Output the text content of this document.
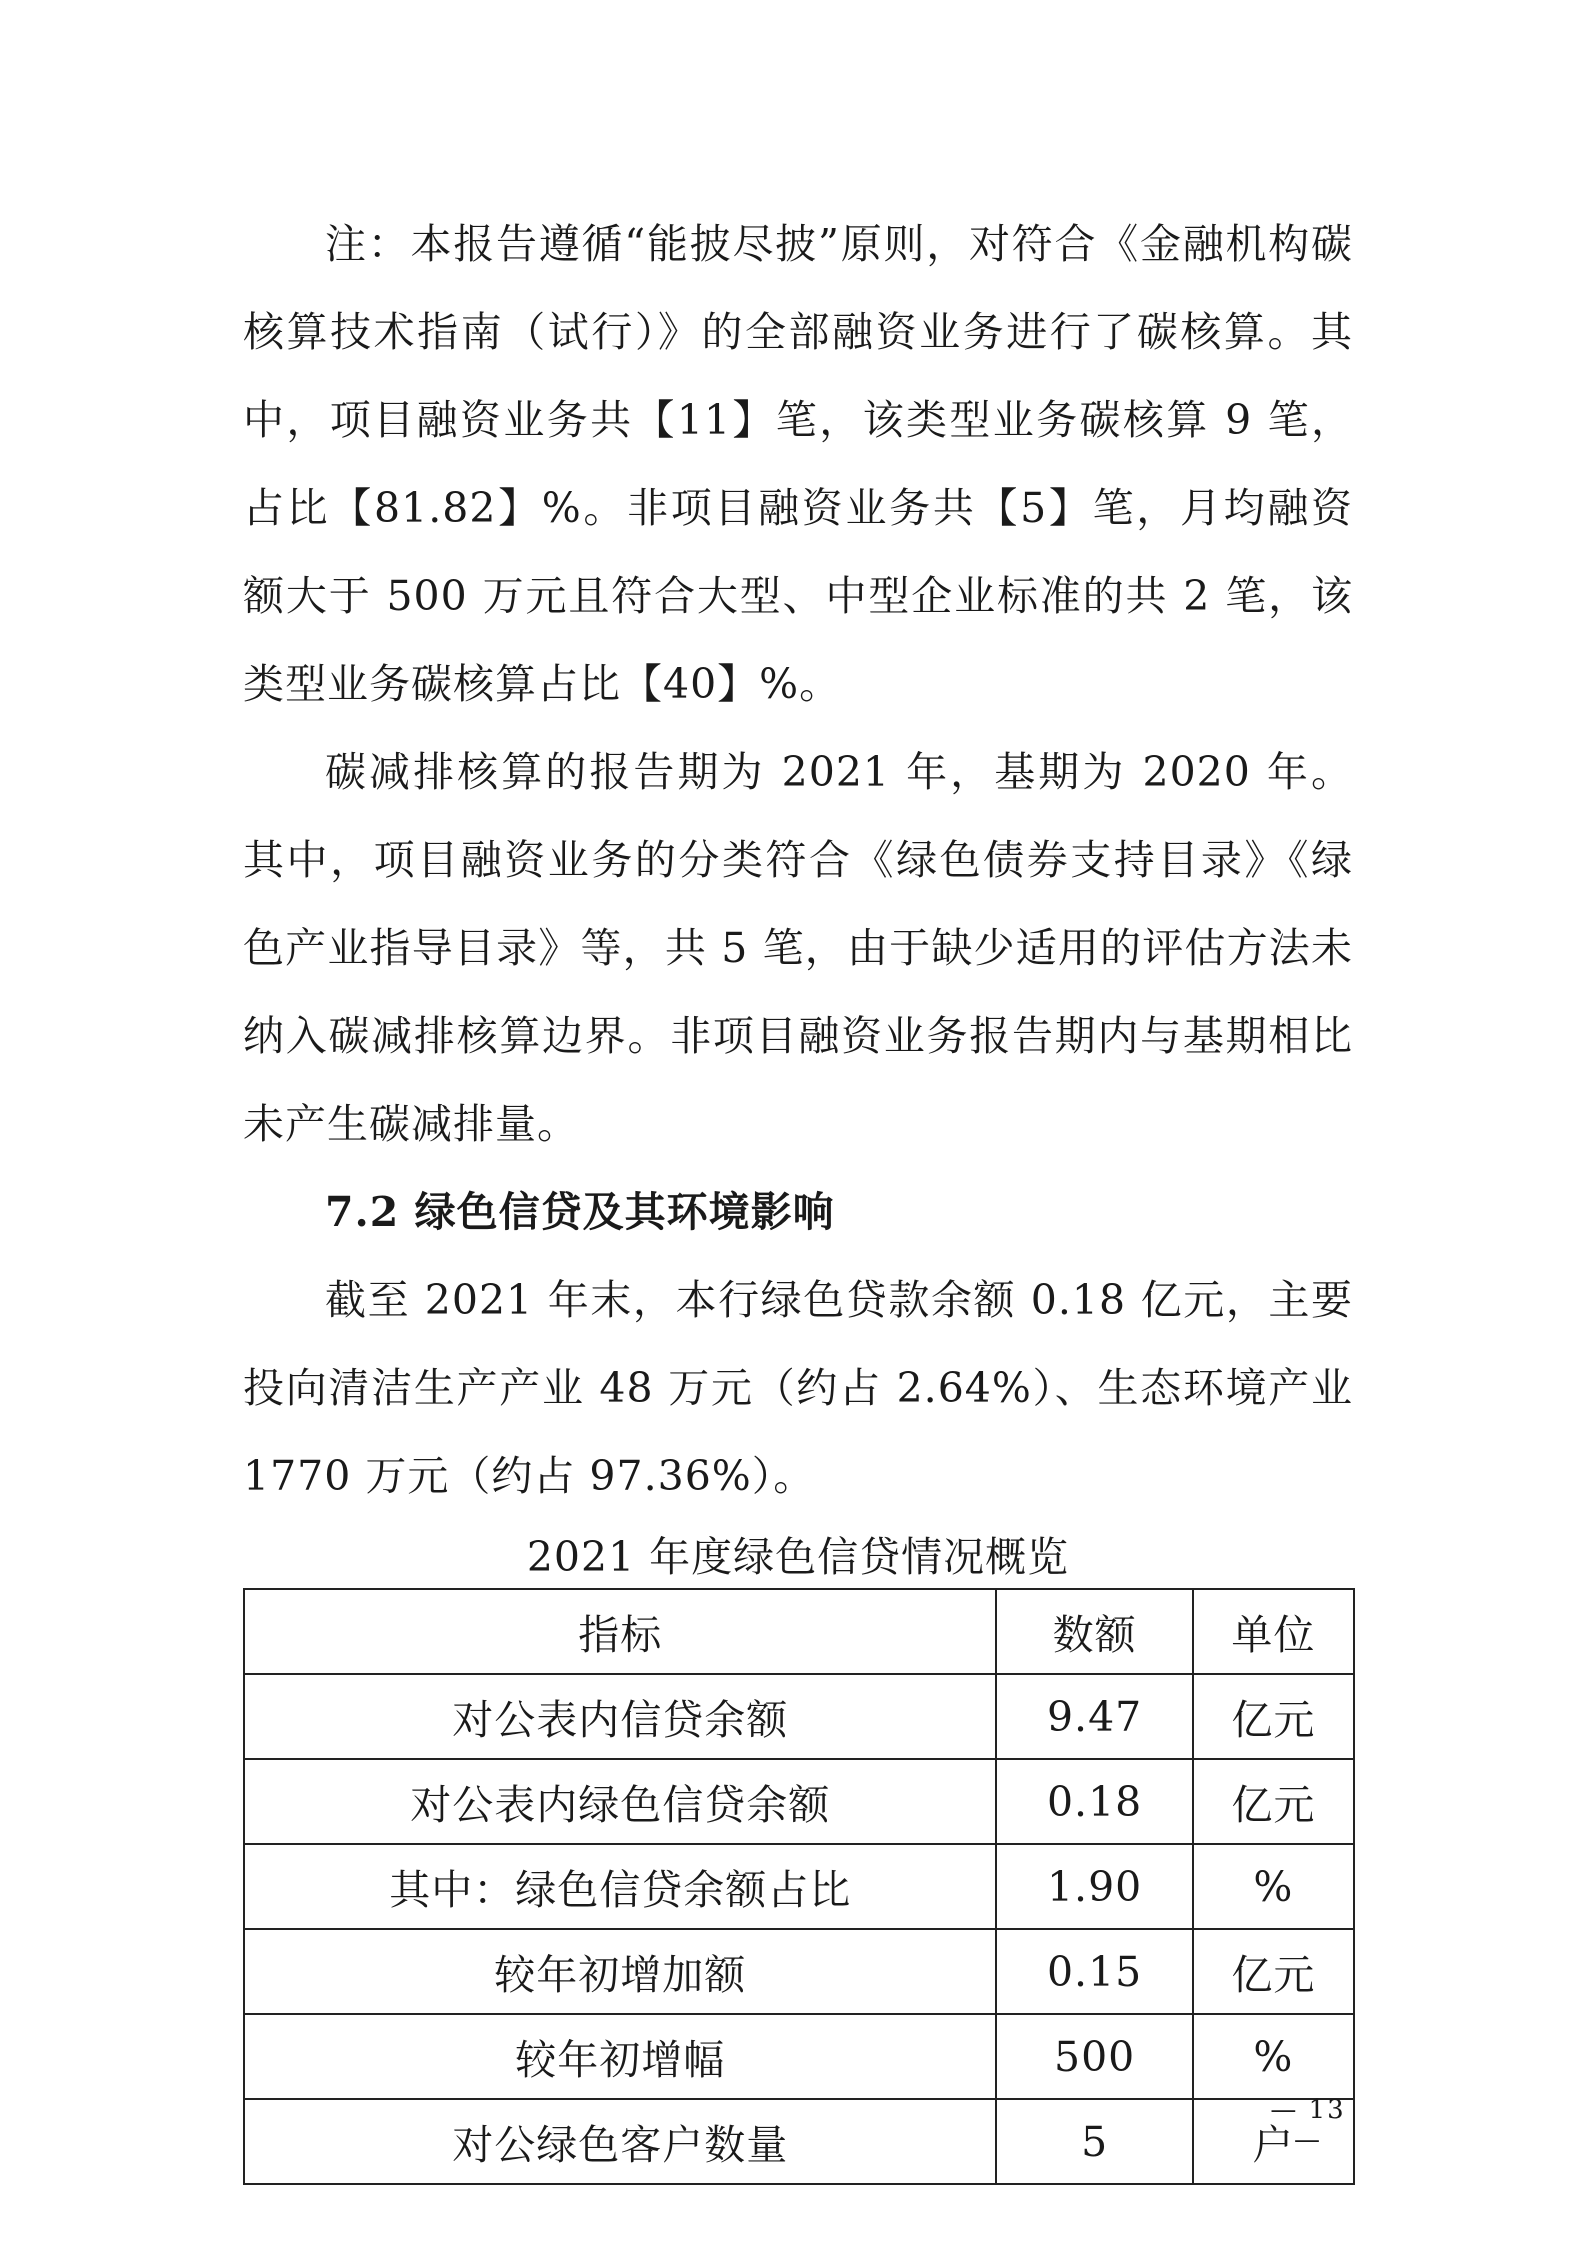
注：本报告遵循“能披尽披”原则，对符合《金融机构碳核算技术指南（试行）》的全部融资业务进行了碳核算。其中，项目融资业务共【11】笔，该类型业务碳核算 9 笔，占比【81.82】%。非项目融资业务共【5】笔，月均融资额大于 500 万元且符合大型、中型企业标准的共 2 笔，该类型业务碳核算占比【40】%。

碳减排核算的报告期为 2021 年，基期为 2020 年。其中，项目融资业务的分类符合《绿色债券支持目录》《绿色产业指导目录》等，共 5 笔，由于缺少适用的评估方法未纳入碳减排核算边界。非项目融资业务报告期内与基期相比未产生碳减排量。

7.2 绿色信贷及其环境影响

截至 2021 年末，本行绿色贷款余额 0.18 亿元，主要投向清洁生产产业 48 万元（约占 2.64%）、生态环境产业 1770 万元（约占 97.36%）。

2021 年度绿色信贷情况概览
指标	数额	单位
对公表内信贷余额	9.47	亿元
对公表内绿色信贷余额	0.18	亿元
其中：绿色信贷余额占比	1.90	%
较年初增加额	0.15	亿元
较年初增幅	500	%
对公绿色客户数量	5	户
— 13 —
